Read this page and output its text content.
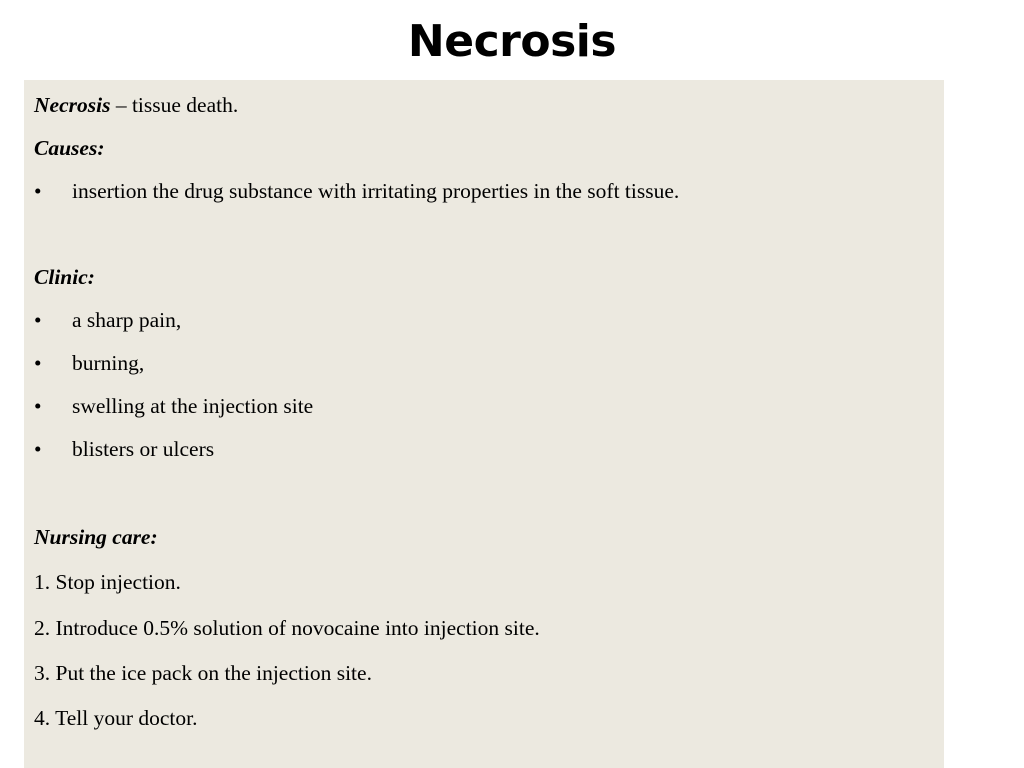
Necrosis
Necrosis – tissue death.
Causes:
• insertion the drug substance with irritating properties in the soft tissue.
Clinic:
• a sharp pain,
• burning,
• swelling at the injection site
• blisters or ulcers
Nursing care:
1. Stop injection.
2. Introduce 0.5% solution of novocaine into injection site.
3. Put the ice pack on the injection site.
4. Tell your doctor.
